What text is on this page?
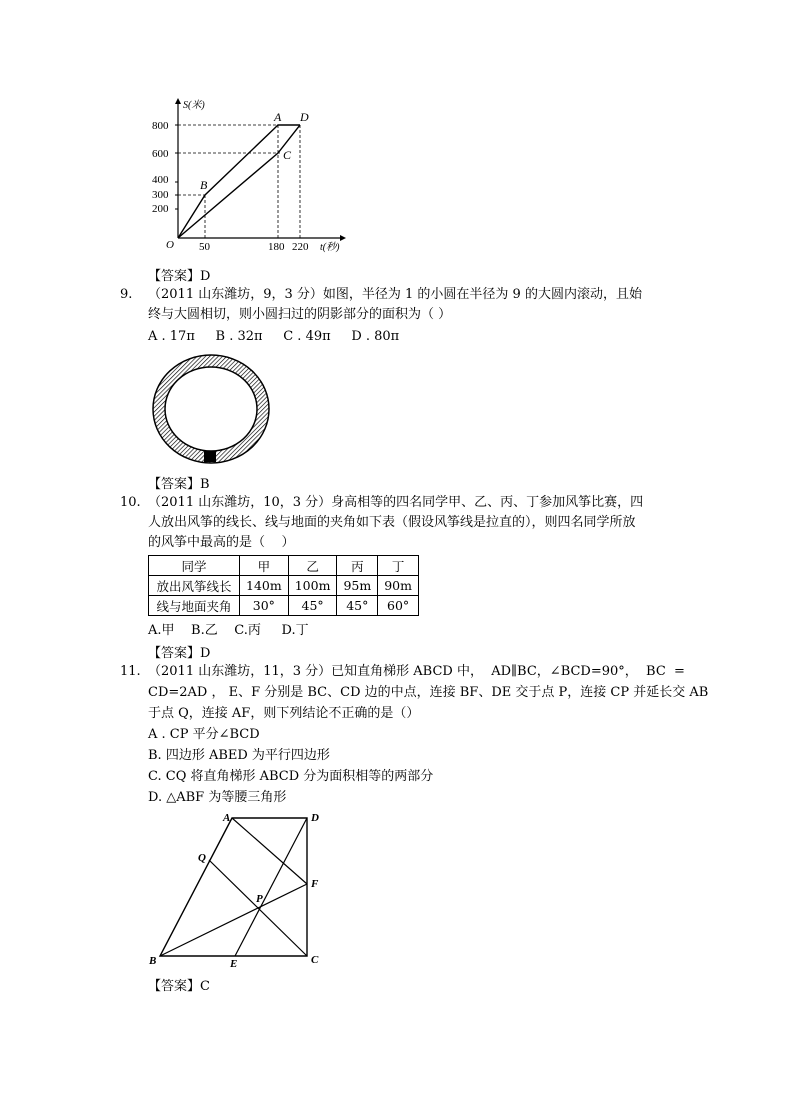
S(米)
t(秒)
O
800
600
400
300
200
50	180 220
A
B
C
D
【答案】D
9. （2011 山东潍坊，9，3 分）如图，半径为 1 的小圆在半径为 9 的大圆内滚动，且始
终与大圆相切，则小圆扫过的阴影部分的面积为（ ）
A . 17π     B . 32π     C . 49π     D . 80π
【答案】B
10. （2011 山东潍坊，10，3 分）身高相等的四名同学甲、乙、丙、丁参加风筝比赛，四
人放出风筝的线长、线与地面的夹角如下表（假设风筝线是拉直的），则四名同学所放
的风筝中最高的是（    ）
同学	甲	乙	丙	丁
放出风筝线长	140m	100m	95m	90m
线与地面夹角	30°	45°	45°	60°
A.甲    B.乙    C.丙     D.丁
【答案】D
11. （2011 山东潍坊，11，3 分）已知直角梯形 ABCD 中，  AD∥BC，∠BCD=90°，  BC  =
CD=2AD ， E、F 分别是 BC、CD 边的中点，连接 BF、DE 交于点 P，连接 CP 并延长交 AB
于点 Q，连接 AF，则下列结论不正确的是（）
A . CP 平分∠BCD
B. 四边形 ABED 为平行四边形
C. CQ 将直角梯形 ABCD 分为面积相等的两部分
D. △ABF 为等腰三角形
A	D
Q
F
P
B	E	C
【答案】C
